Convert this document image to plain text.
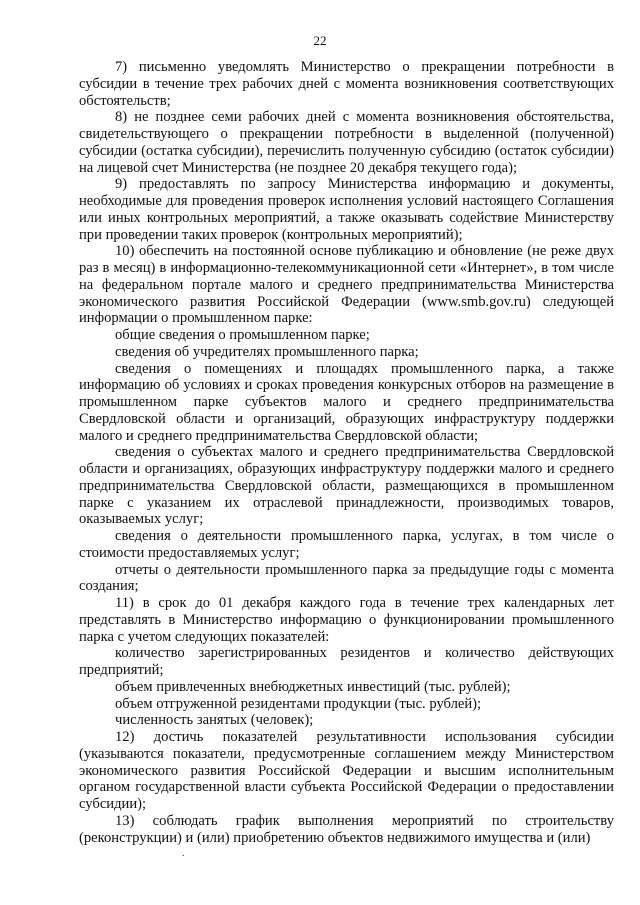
22

7) письменно уведомлять Министерство о прекращении потребности в субсидии в течение трех рабочих дней с момента возникновения соответствующих обстоятельств;

8) не позднее семи рабочих дней с момента возникновения обстоятельства, свидетельствующего о прекращении потребности в выделенной (полученной) субсидии (остатка субсидии), перечислить полученную субсидию (остаток субсидии) на лицевой счет Министерства (не позднее 20 декабря текущего года);

9) предоставлять по запросу Министерства информацию и документы, необходимые для проведения проверок исполнения условий настоящего Соглашения или иных контрольных мероприятий, а также оказывать содействие Министерству при проведении таких проверок (контрольных мероприятий);

10) обеспечить на постоянной основе публикацию и обновление (не реже двух раз в месяц) в информационно-телекоммуникационной сети «Интернет», в том числе на федеральном портале малого и среднего предпринимательства Министерства экономического развития Российской Федерации (www.smb.gov.ru) следующей информации о промышленном парке:

общие сведения о промышленном парке;

сведения об учредителях промышленного парка;

сведения о помещениях и площадях промышленного парка, а также информацию об условиях и сроках проведения конкурсных отборов на размещение в промышленном парке субъектов малого и среднего предпринимательства Свердловской области и организаций, образующих инфраструктуру поддержки малого и среднего предпринимательства Свердловской области;

сведения о субъектах малого и среднего предпринимательства Свердловской области и организациях, образующих инфраструктуру поддержки малого и среднего предпринимательства Свердловской области, размещающихся в промышленном парке с указанием их отраслевой принадлежности, производимых товаров, оказываемых услуг;

сведения о деятельности промышленного парка, услугах, в том числе о стоимости предоставляемых услуг;

отчеты о деятельности промышленного парка за предыдущие годы с момента создания;

11) в срок до 01 декабря каждого года в течение трех календарных лет представлять в Министерство информацию о функционировании промышленного парка с учетом следующих показателей:

количество зарегистрированных резидентов и количество действующих предприятий;

объем привлеченных внебюджетных инвестиций (тыс. рублей);

объем отгруженной резидентами продукции (тыс. рублей);

численность занятых (человек);

12) достичь показателей результативности использования субсидии (указываются показатели, предусмотренные соглашением между Министерством экономического развития Российской Федерации и высшим исполнительным органом государственной власти субъекта Российской Федерации о предоставлении субсидии);

13) соблюдать график выполнения мероприятий по строительству (реконструкции) и (или) приобретению объектов недвижимого имущества и (или)

.
